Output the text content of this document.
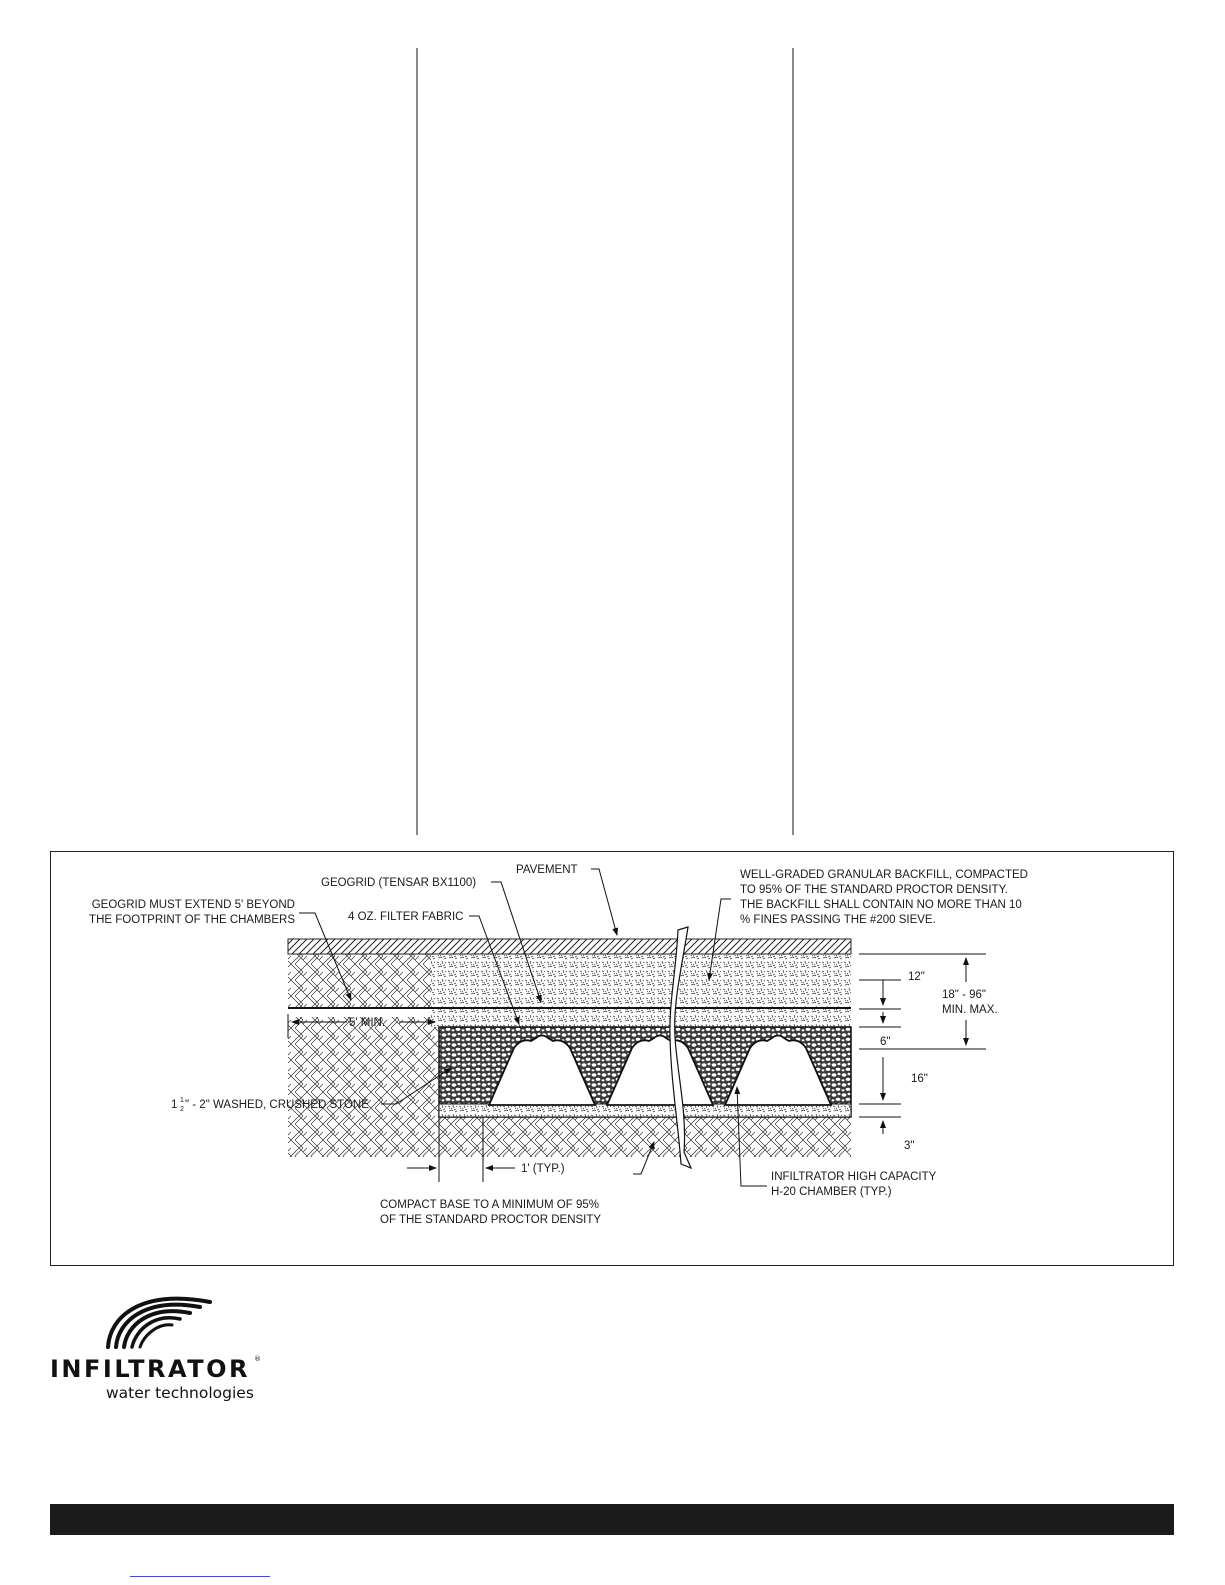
PAVEMENT
GEOGRID (TENSAR BX1100)
4 OZ. FILTER FABRIC
GEOGRID MUST EXTEND 5' BEYOND
THE FOOTPRINT OF THE CHAMBERS
WELL-GRADED GRANULAR BACKFILL, COMPACTED
TO 95% OF THE STANDARD PROCTOR DENSITY.
THE BACKFILL SHALL CONTAIN NO MORE THAN 10
% FINES PASSING THE #200 SIEVE.
5' MIN.
1 1
2 " - 2" WASHED, CRUSHED STONE
1' (TYP.)
COMPACT BASE TO A MINIMUM OF 95%
OF THE STANDARD PROCTOR DENSITY
INFILTRATOR HIGH CAPACITY
H-20 CHAMBER (TYP.)
12"
6"
16"
3"
18" - 96"
MIN. MAX.
INFILTRATOR ®
water technologies
